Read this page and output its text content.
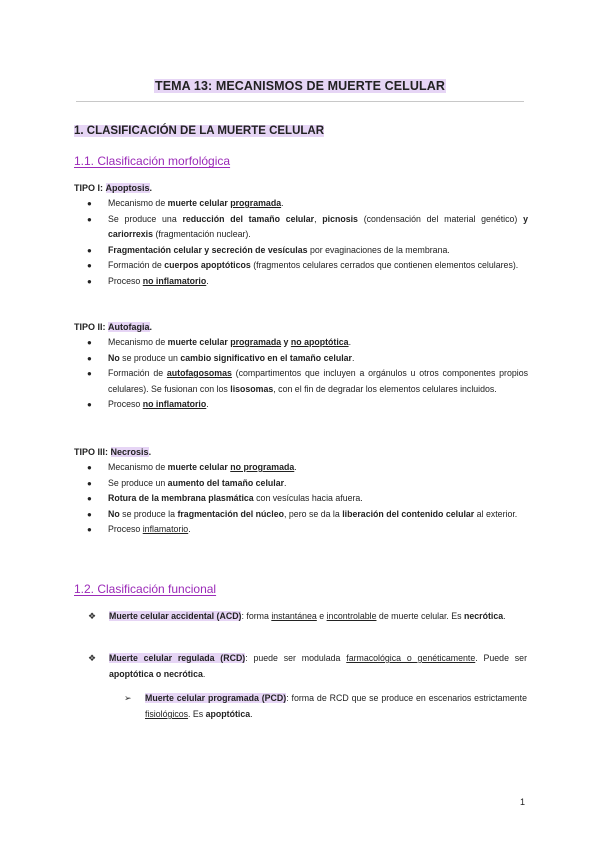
TEMA 13: MECANISMOS DE MUERTE CELULAR
1. CLASIFICACIÓN DE LA MUERTE CELULAR
1.1. Clasificación morfológica
TIPO I: Apoptosis.
● Mecanismo de muerte celular programada.
● Se produce una reducción del tamaño celular, picnosis (condensación del material genético) y cariorrexis (fragmentación nuclear).
● Fragmentación celular y secreción de vesículas por evaginaciones de la membrana.
● Formación de cuerpos apoptóticos (fragmentos celulares cerrados que contienen elementos celulares).
● Proceso no inflamatorio.
TIPO II: Autofagia.
● Mecanismo de muerte celular programada y no apoptótica.
● No se produce un cambio significativo en el tamaño celular.
● Formación de autofagosomas (compartimentos que incluyen a orgánulos u otros componentes propios celulares). Se fusionan con los lisosomas, con el fin de degradar los elementos celulares incluidos.
● Proceso no inflamatorio.
TIPO III: Necrosis.
● Mecanismo de muerte celular no programada.
● Se produce un aumento del tamaño celular.
● Rotura de la membrana plasmática con vesículas hacia afuera.
● No se produce la fragmentación del núcleo, pero se da la liberación del contenido celular al exterior.
● Proceso inflamatorio.
1.2. Clasificación funcional
❖ Muerte celular accidental (ACD): forma instantánea e incontrolable de muerte celular. Es necrótica.
❖ Muerte celular regulada (RCD): puede ser modulada farmacológica o genéticamente. Puede ser apoptótica o necrótica.
➢ Muerte celular programada (PCD): forma de RCD que se produce en escenarios estrictamente fisiológicos. Es apoptótica.
1
